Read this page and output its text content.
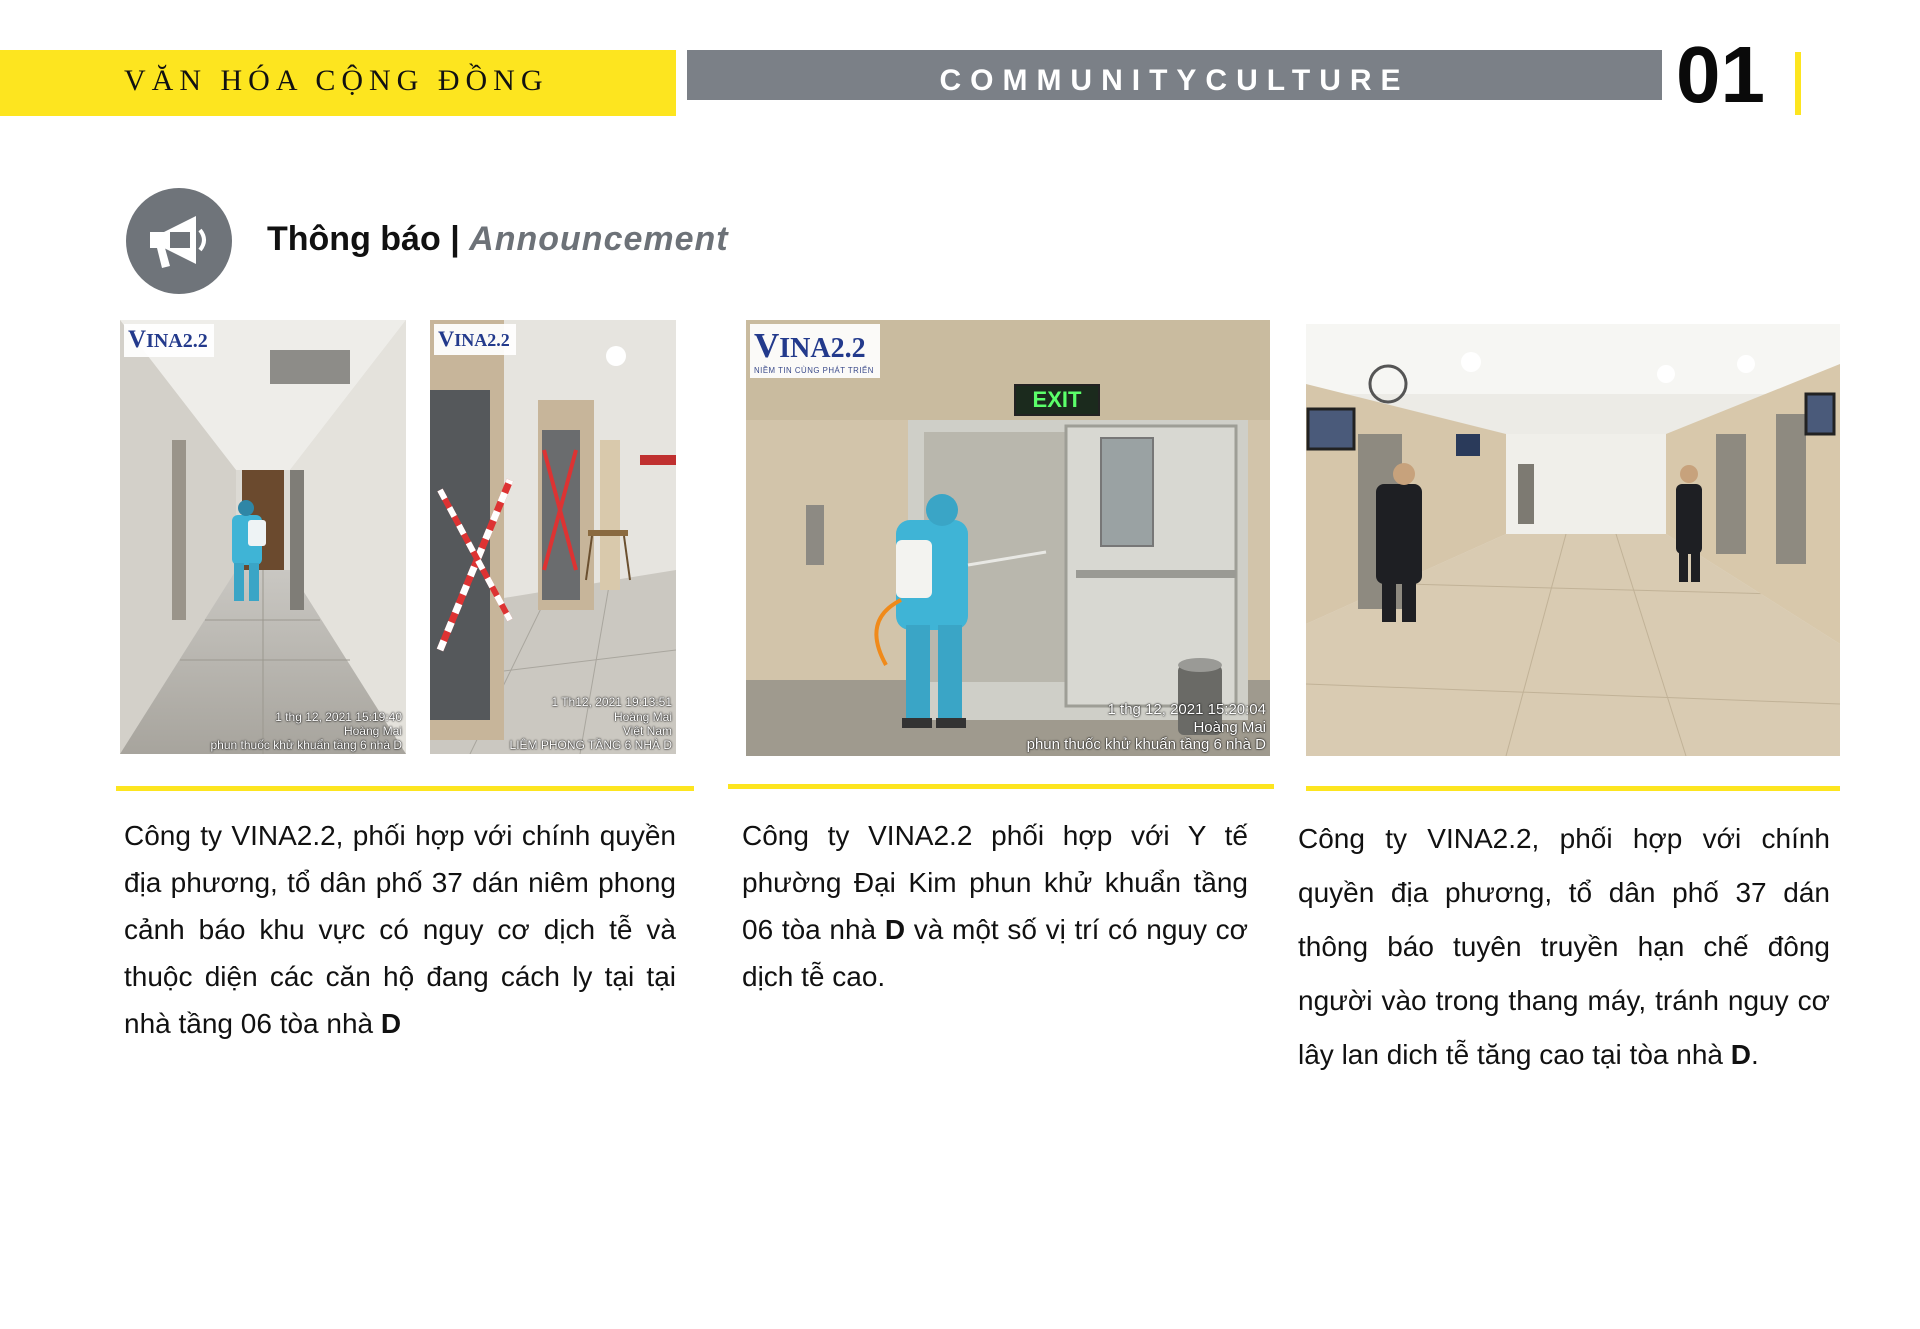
VĂN HÓA CỘNG ĐỒNG	COMMUNITYCULTURE	01
Thông báo | Announcement
VINA2.2
1 thg 12, 2021 15:19:40
Hoàng Mai
phun thuốc khử khuẩn tầng 6 nhà D
VINA2.2
1 Th12, 2021 19:13:51
Hoàng Mai
Việt Nam
LIÊM PHONG TẦNG 6 NHÀ D
EXIT
VINA2.2
NIỀM TIN CÙNG PHÁT TRIỂN
1 thg 12, 2021 15:20:04
Hoàng Mai
phun thuốc khử khuẩn tầng 6 nhà D
Công ty VINA2.2, phối hợp với chính quyền địa phương, tổ dân phố 37 dán niêm phong cảnh báo khu vực có nguy cơ dịch tễ và thuộc diện các căn hộ đang cách ly tại tại nhà tầng 06 tòa nhà D
Công ty VINA2.2 phối hợp với Y tế phường Đại Kim phun khử khuẩn tầng 06 tòa nhà D và một số vị trí có nguy cơ dịch tễ cao.
Công ty VINA2.2, phối hợp với chính quyền địa phương, tổ dân phố 37 dán thông báo tuyên truyền hạn chế đông người vào trong thang máy, tránh nguy cơ lây lan dich tễ tăng cao tại tòa nhà D.
